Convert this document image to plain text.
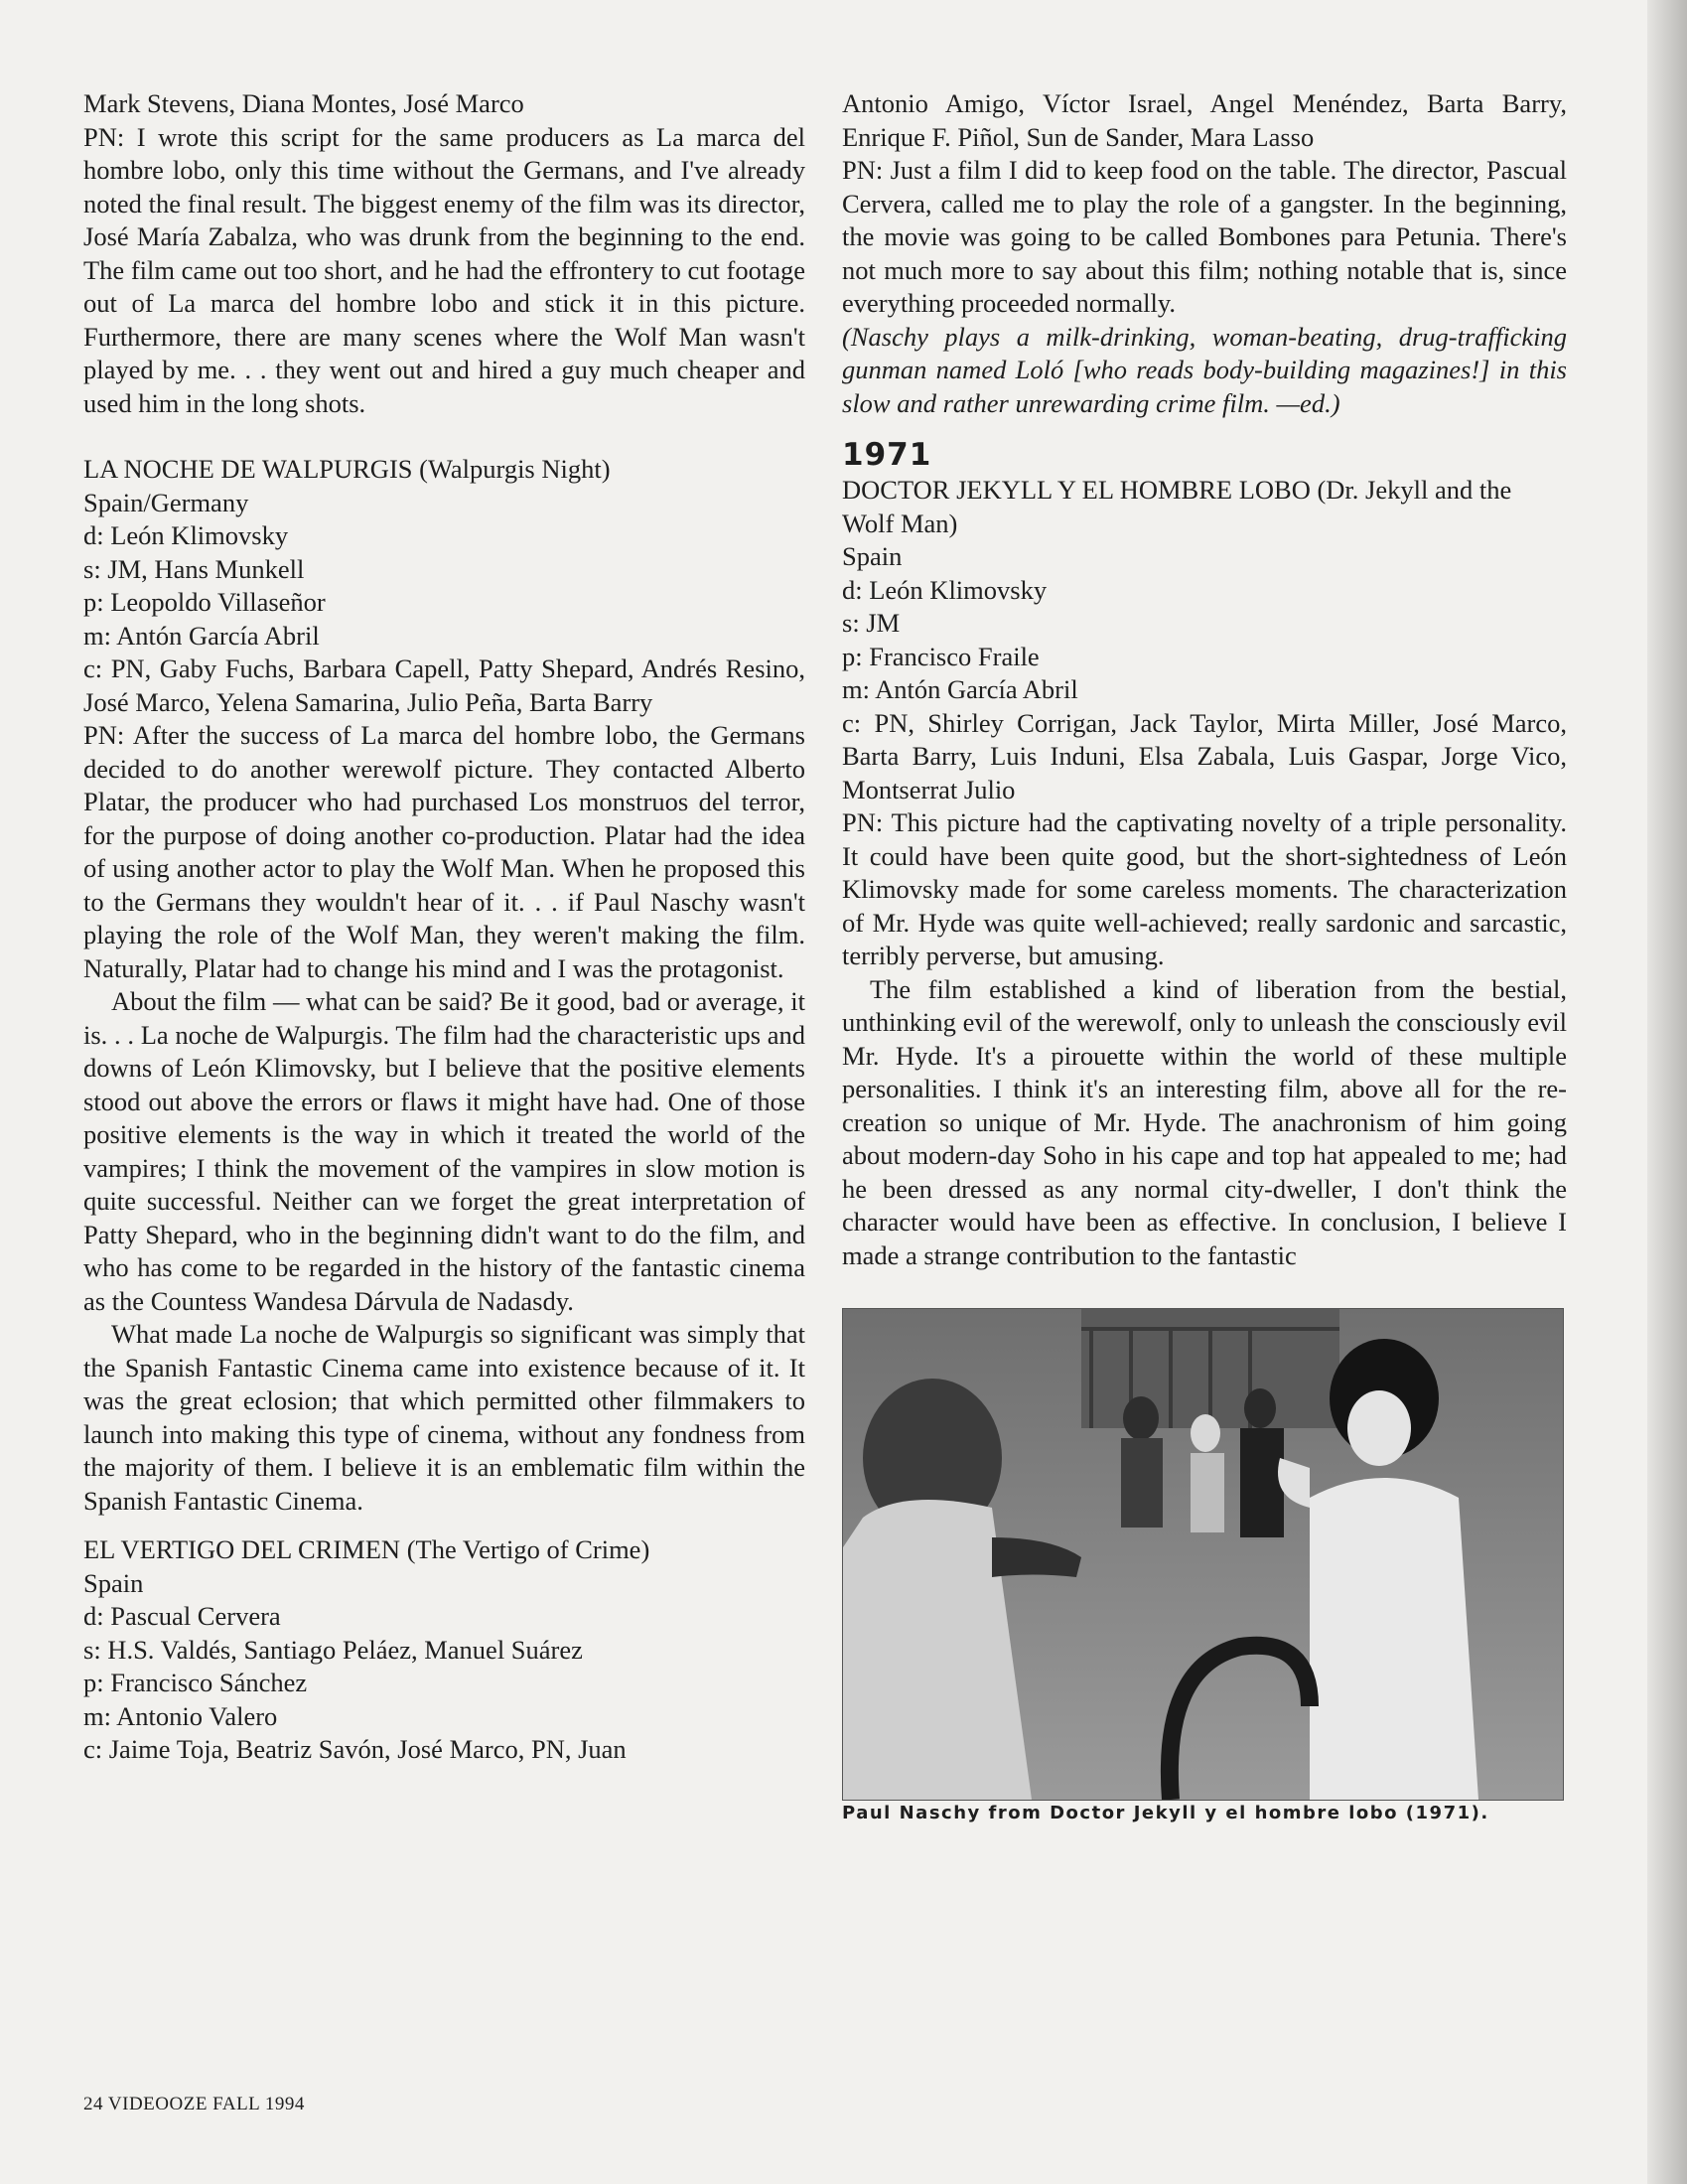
Mark Stevens, Diana Montes, José Marco

PN: I wrote this script for the same producers as La marca del hombre lobo, only this time without the Germans, and I've already noted the final result. The biggest enemy of the film was its director, José María Zabalza, who was drunk from the beginning to the end. The film came out too short, and he had the effrontery to cut footage out of La marca del hombre lobo and stick it in this picture. Furthermore, there are many scenes where the Wolf Man wasn't played by me. . . they went out and hired a guy much cheaper and used him in the long shots.

LA NOCHE DE WALPURGIS (Walpurgis Night)

Spain/Germany

d: León Klimovsky

s: JM, Hans Munkell

p: Leopoldo Villaseñor

m: Antón García Abril

c: PN, Gaby Fuchs, Barbara Capell, Patty Shepard, Andrés Resino, José Marco, Yelena Samarina, Julio Peña, Barta Barry

PN: After the success of La marca del hombre lobo, the Germans decided to do another werewolf picture. They contacted Alberto Platar, the producer who had purchased Los monstruos del terror, for the purpose of doing another co-production. Platar had the idea of using another actor to play the Wolf Man. When he proposed this to the Germans they wouldn't hear of it. . . if Paul Naschy wasn't playing the role of the Wolf Man, they weren't making the film. Naturally, Platar had to change his mind and I was the protagonist.

About the film — what can be said? Be it good, bad or average, it is. . . La noche de Walpurgis. The film had the characteristic ups and downs of León Klimovsky, but I believe that the positive elements stood out above the errors or flaws it might have had. One of those positive elements is the way in which it treated the world of the vampires; I think the movement of the vampires in slow motion is quite successful. Neither can we forget the great interpretation of Patty Shepard, who in the beginning didn't want to do the film, and who has come to be regarded in the history of the fantastic cinema as the Countess Wandesa Dárvula de Nadasdy.

What made La noche de Walpurgis so significant was simply that the Spanish Fantastic Cinema came into existence because of it. It was the great eclosion; that which permitted other filmmakers to launch into making this type of cinema, without any fondness from the majority of them. I believe it is an emblematic film within the Spanish Fantastic Cinema.

EL VERTIGO DEL CRIMEN (The Vertigo of Crime)

Spain

d: Pascual Cervera

s: H.S. Valdés, Santiago Peláez, Manuel Suárez

p: Francisco Sánchez

m: Antonio Valero

c: Jaime Toja, Beatriz Savón, José Marco, PN, Juan

Antonio Amigo, Víctor Israel, Angel Menéndez, Barta Barry, Enrique F. Piñol, Sun de Sander, Mara Lasso

PN: Just a film I did to keep food on the table. The director, Pascual Cervera, called me to play the role of a gangster. In the beginning, the movie was going to be called Bombones para Petunia. There's not much more to say about this film; nothing notable that is, since everything proceeded normally.

(Naschy plays a milk-drinking, woman-beating, drug-trafficking gunman named Loló [who reads body-building magazines!] in this slow and rather unrewarding crime film. —ed.)

1971

DOCTOR JEKYLL Y EL HOMBRE LOBO (Dr. Jekyll and the Wolf Man)

Spain

d: León Klimovsky

s: JM

p: Francisco Fraile

m: Antón García Abril

c: PN, Shirley Corrigan, Jack Taylor, Mirta Miller, José Marco, Barta Barry, Luis Induni, Elsa Zabala, Luis Gaspar, Jorge Vico, Montserrat Julio

PN: This picture had the captivating novelty of a triple personality. It could have been quite good, but the short-sightedness of León Klimovsky made for some careless moments. The characterization of Mr. Hyde was quite well-achieved; really sardonic and sarcastic, terribly perverse, but amusing.

The film established a kind of liberation from the bestial, unthinking evil of the werewolf, only to unleash the consciously evil Mr. Hyde. It's a pirouette within the world of these multiple personalities. I think it's an interesting film, above all for the re-creation so unique of Mr. Hyde. The anachronism of him going about modern-day Soho in his cape and top hat appealed to me; had he been dressed as any normal city-dweller, I don't think the character would have been as effective. In conclusion, I believe I made a strange contribution to the fantastic

Paul Naschy from Doctor Jekyll y el hombre lobo (1971).

24 VIDEOOZE FALL 1994
